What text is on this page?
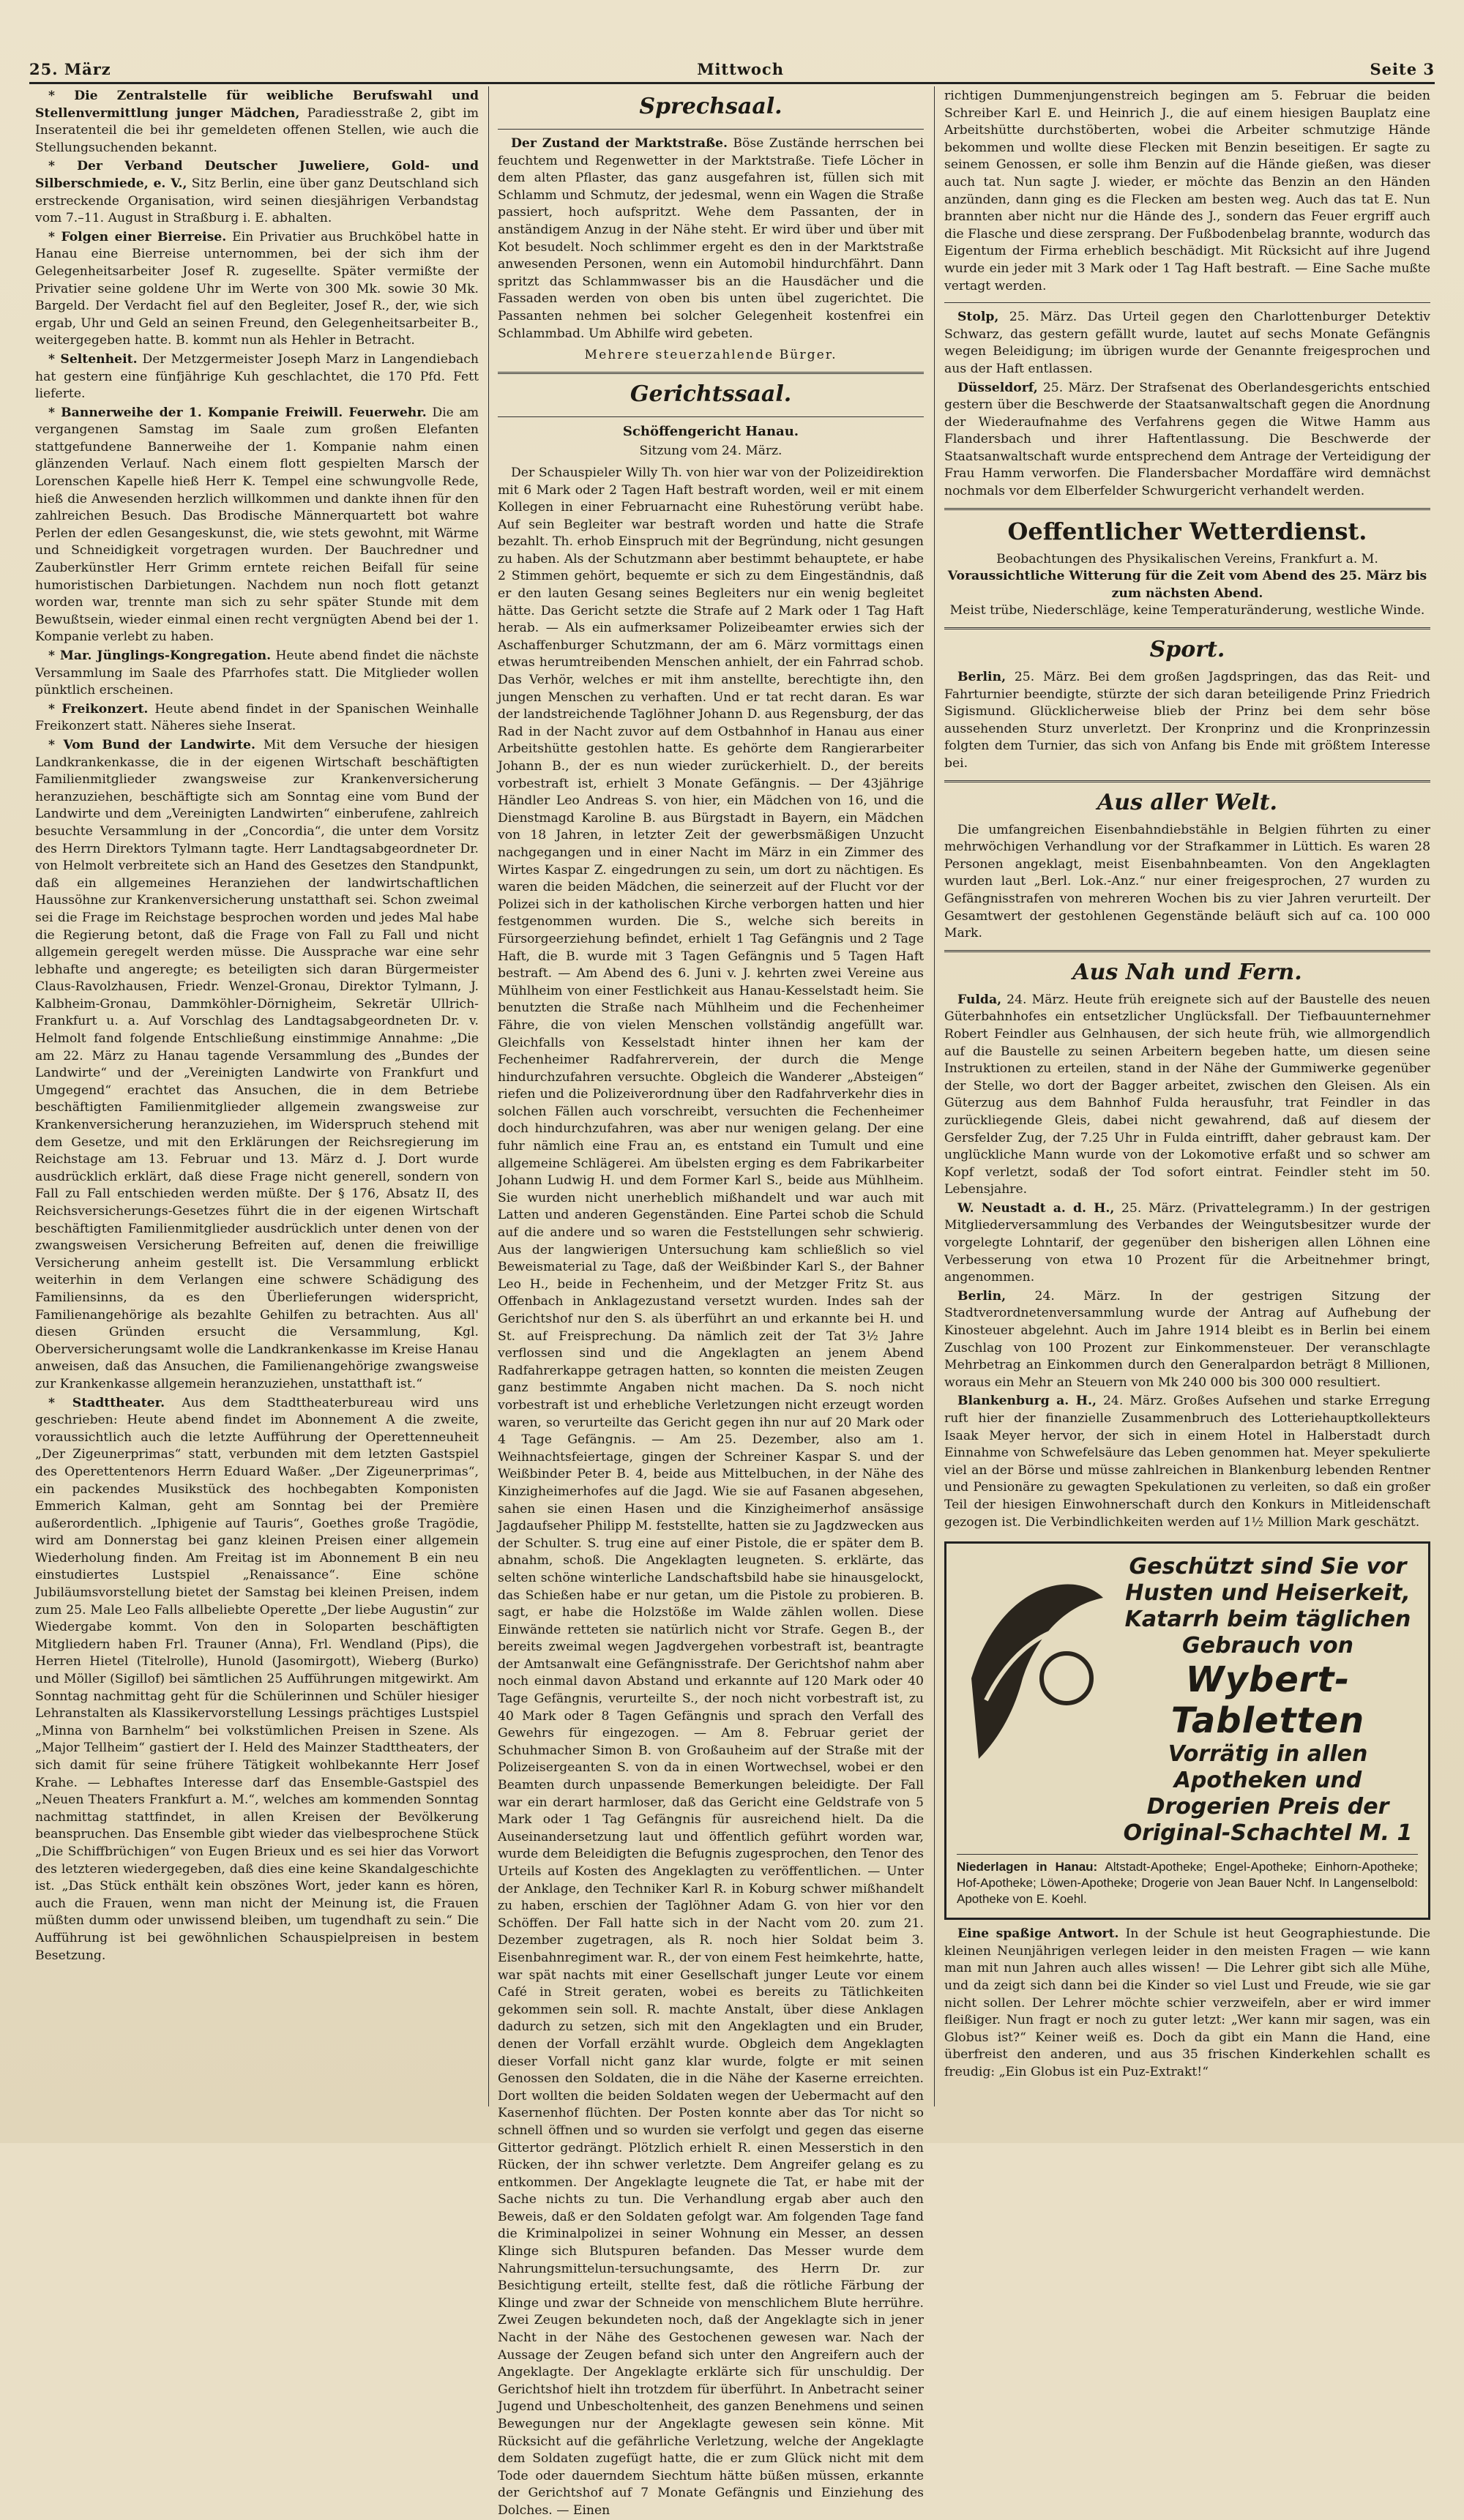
25. März	Mittwoch	Seite 3

* Die Zentralstelle für weibliche Berufswahl und Stellenvermittlung junger Mädchen, Paradiesstraße 2, gibt im Inseratenteil die bei ihr gemeldeten offenen Stellen, wie auch die Stellungsuchenden bekannt.

* Der Verband Deutscher Juweliere, Gold- und Silberschmiede, e. V., Sitz Berlin, eine über ganz Deutschland sich erstreckende Organisation, wird seinen diesjährigen Verbandstag vom 7.–11. August in Straßburg i. E. abhalten.

* Folgen einer Bierreise. Ein Privatier aus Bruchköbel hatte in Hanau eine Bierreise unternommen, bei der sich ihm der Gelegenheitsarbeiter Josef R. zugesellte. Später vermißte der Privatier seine goldene Uhr im Werte von 300 Mk. sowie 30 Mk. Bargeld. Der Verdacht fiel auf den Begleiter, Josef R., der, wie sich ergab, Uhr und Geld an seinen Freund, den Gelegenheitsarbeiter B., weitergegeben hatte. B. kommt nun als Hehler in Betracht.

* Seltenheit. Der Metzgermeister Joseph Marz in Langendiebach hat gestern eine fünfjährige Kuh geschlachtet, die 170 Pfd. Fett lieferte.

* Bannerweihe der 1. Kompanie Freiwill. Feuerwehr. Die am vergangenen Samstag im Saale zum großen Elefanten stattgefundene Bannerweihe der 1. Kompanie nahm einen glänzenden Verlauf. Nach einem flott gespielten Marsch der Lorenschen Kapelle hieß Herr K. Tempel eine schwungvolle Rede, hieß die Anwesenden herzlich willkommen und dankte ihnen für den zahlreichen Besuch. Das Brodische Männerquartett bot wahre Perlen der edlen Gesangeskunst, die, wie stets gewohnt, mit Wärme und Schneidigkeit vorgetragen wurden. Der Bauchredner und Zauberkünstler Herr Grimm erntete reichen Beifall für seine humoristischen Darbietungen. Nachdem nun noch flott getanzt worden war, trennte man sich zu sehr später Stunde mit dem Bewußtsein, wieder einmal einen recht vergnügten Abend bei der 1. Kompanie verlebt zu haben.

* Mar. Jünglings-Kongregation. Heute abend findet die nächste Versammlung im Saale des Pfarrhofes statt. Die Mitglieder wollen pünktlich erscheinen.

* Freikonzert. Heute abend findet in der Spanischen Weinhalle Freikonzert statt. Näheres siehe Inserat.

* Vom Bund der Landwirte. Mit dem Versuche der hiesigen Landkrankenkasse, die in der eigenen Wirtschaft beschäftigten Familienmitglieder zwangsweise zur Krankenversicherung heranzuziehen, beschäftigte sich am Sonntag eine vom Bund der Landwirte und dem „Vereinigten Landwirten“ einberufene, zahlreich besuchte Versammlung in der „Concordia“, die unter dem Vorsitz des Herrn Direktors Tylmann tagte. Herr Landtagsabgeordneter Dr. von Helmolt verbreitete sich an Hand des Gesetzes den Standpunkt, daß ein allgemeines Heranziehen der landwirtschaftlichen Haussöhne zur Krankenversicherung unstatthaft sei. Schon zweimal sei die Frage im Reichstage besprochen worden und jedes Mal habe die Regierung betont, daß die Frage von Fall zu Fall und nicht allgemein geregelt werden müsse. Die Aussprache war eine sehr lebhafte und angeregte; es beteiligten sich daran Bürgermeister Claus-Ravolzhausen, Friedr. Wenzel-Gronau, Direktor Tylmann, J. Kalbheim-Gronau, Dammköhler-Dörnigheim, Sekretär Ullrich-Frankfurt u. a. Auf Vorschlag des Landtagsabgeordneten Dr. v. Helmolt fand folgende Entschließung einstimmige Annahme: „Die am 22. März zu Hanau tagende Versammlung des „Bundes der Landwirte“ und der „Vereinigten Landwirte von Frankfurt und Umgegend“ erachtet das Ansuchen, die in dem Betriebe beschäftigten Familienmitglieder allgemein zwangsweise zur Krankenversicherung heranzuziehen, im Widerspruch stehend mit dem Gesetze, und mit den Erklärungen der Reichsregierung im Reichstage am 13. Februar und 13. März d. J. Dort wurde ausdrücklich erklärt, daß diese Frage nicht generell, sondern von Fall zu Fall entschieden werden müßte. Der § 176, Absatz II, des Reichsversicherungs-Gesetzes führt die in der eigenen Wirtschaft beschäftigten Familienmitglieder ausdrücklich unter denen von der zwangsweisen Versicherung Befreiten auf, denen die freiwillige Versicherung anheim gestellt ist. Die Versammlung erblickt weiterhin in dem Verlangen eine schwere Schädigung des Familiensinns, da es den Überlieferungen widerspricht, Familienangehörige als bezahlte Gehilfen zu betrachten. Aus all' diesen Gründen ersucht die Versammlung, Kgl. Oberversicherungsamt wolle die Landkrankenkasse im Kreise Hanau anweisen, daß das Ansuchen, die Familienangehörige zwangsweise zur Krankenkasse allgemein heranzuziehen, unstatthaft ist.“

* Stadttheater. Aus dem Stadttheaterbureau wird uns geschrieben: Heute abend findet im Abonnement A die zweite, voraussichtlich auch die letzte Aufführung der Operettenneuheit „Der Zigeunerprimas“ statt, verbunden mit dem letzten Gastspiel des Operettentenors Herrn Eduard Waßer. „Der Zigeunerprimas“, ein packendes Musikstück des hochbegabten Komponisten Emmerich Kalman, geht am Sonntag bei der Première außerordentlich. „Iphigenie auf Tauris“, Goethes große Tragödie, wird am Donnerstag bei ganz kleinen Preisen einer allgemein Wiederholung finden. Am Freitag ist im Abonnement B ein neu einstudiertes Lustspiel „Renaissance“. Eine schöne Jubiläumsvorstellung bietet der Samstag bei kleinen Preisen, indem zum 25. Male Leo Falls allbeliebte Operette „Der liebe Augustin“ zur Wiedergabe kommt. Von den in Soloparten beschäftigten Mitgliedern haben Frl. Trauner (Anna), Frl. Wendland (Pips), die Herren Hietel (Titelrolle), Hunold (Jasomirgott), Wieberg (Burko) und Möller (Sigillof) bei sämtlichen 25 Aufführungen mitgewirkt. Am Sonntag nachmittag geht für die Schülerinnen und Schüler hiesiger Lehranstalten als Klassikervorstellung Lessings prächtiges Lustspiel „Minna von Barnhelm“ bei volkstümlichen Preisen in Szene. Als „Major Tellheim“ gastiert der I. Held des Mainzer Stadttheaters, der sich damit für seine frühere Tätigkeit wohlbekannte Herr Josef Krahe. — Lebhaftes Interesse darf das Ensemble-Gastspiel des „Neuen Theaters Frankfurt a. M.“, welches am kommenden Sonntag nachmittag stattfindet, in allen Kreisen der Bevölkerung beanspruchen. Das Ensemble gibt wieder das vielbesprochene Stück „Die Schiffbrüchigen“ von Eugen Brieux und es sei hier das Vorwort des letzteren wiedergegeben, daß dies eine keine Skandalgeschichte ist. „Das Stück enthält kein obszönes Wort, jeder kann es hören, auch die Frauen, wenn man nicht der Meinung ist, die Frauen müßten dumm oder unwissend bleiben, um tugendhaft zu sein.“ Die Aufführung ist bei gewöhnlichen Schauspielpreisen in bestem Besetzung.

Sprechsaal.

Der Zustand der Marktstraße. Böse Zustände herrschen bei feuchtem und Regenwetter in der Marktstraße. Tiefe Löcher in dem alten Pflaster, das ganz ausgefahren ist, füllen sich mit Schlamm und Schmutz, der jedesmal, wenn ein Wagen die Straße passiert, hoch aufspritzt. Wehe dem Passanten, der in anständigem Anzug in der Nähe steht. Er wird über und über mit Kot besudelt. Noch schlimmer ergeht es den in der Marktstraße anwesenden Personen, wenn ein Automobil hindurchfährt. Dann spritzt das Schlammwasser bis an die Hausdächer und die Fassaden werden von oben bis unten übel zugerichtet. Die Passanten nehmen bei solcher Gelegenheit kostenfrei ein Schlammbad. Um Abhilfe wird gebeten.

Mehrere steuerzahlende Bürger.
Gerichtssaal.
Schöffengericht Hanau.
Sitzung vom 24. März.

Der Schauspieler Willy Th. von hier war von der Polizeidirektion mit 6 Mark oder 2 Tagen Haft bestraft worden, weil er mit einem Kollegen in einer Februarnacht eine Ruhestörung verübt habe. Auf sein Begleiter war bestraft worden und hatte die Strafe bezahlt. Th. erhob Einspruch mit der Begründung, nicht gesungen zu haben. Als der Schutzmann aber bestimmt behauptete, er habe 2 Stimmen gehört, bequemte er sich zu dem Eingeständnis, daß er den lauten Gesang seines Begleiters nur ein wenig begleitet hätte. Das Gericht setzte die Strafe auf 2 Mark oder 1 Tag Haft herab. — Als ein aufmerksamer Polizeibeamter erwies sich der Aschaffenburger Schutzmann, der am 6. März vormittags einen etwas herumtreibenden Menschen anhielt, der ein Fahrrad schob. Das Verhör, welches er mit ihm anstellte, berechtigte ihn, den jungen Menschen zu verhaften. Und er tat recht daran. Es war der landstreichende Taglöhner Johann D. aus Regensburg, der das Rad in der Nacht zuvor auf dem Ostbahnhof in Hanau aus einer Arbeitshütte gestohlen hatte. Es gehörte dem Rangierarbeiter Johann B., der es nun wieder zurückerhielt. D., der bereits vorbestraft ist, erhielt 3 Monate Gefängnis. — Der 43jährige Händler Leo Andreas S. von hier, ein Mädchen von 16, und die Dienstmagd Karoline B. aus Bürgstadt in Bayern, ein Mädchen von 18 Jahren, in letzter Zeit der gewerbsmäßigen Unzucht nachgegangen und in einer Nacht im März in ein Zimmer des Wirtes Kaspar Z. eingedrungen zu sein, um dort zu nächtigen. Es waren die beiden Mädchen, die seinerzeit auf der Flucht vor der Polizei sich in der katholischen Kirche verborgen hatten und hier festgenommen wurden. Die S., welche sich bereits in Fürsorgeerziehung befindet, erhielt 1 Tag Gefängnis und 2 Tage Haft, die B. wurde mit 3 Tagen Gefängnis und 5 Tagen Haft bestraft. — Am Abend des 6. Juni v. J. kehrten zwei Vereine aus Mühlheim von einer Festlichkeit aus Hanau-Kesselstadt heim. Sie benutzten die Straße nach Mühlheim und die Fechenheimer Fähre, die von vielen Menschen vollständig angefüllt war. Gleichfalls von Kesselstadt hinter ihnen her kam der Fechenheimer Radfahrerverein, der durch die Menge hindurchzufahren versuchte. Obgleich die Wanderer „Absteigen“ riefen und die Polizeiverordnung über den Radfahrverkehr dies in solchen Fällen auch vorschreibt, versuchten die Fechenheimer doch hindurchzufahren, was aber nur wenigen gelang. Der eine fuhr nämlich eine Frau an, es entstand ein Tumult und eine allgemeine Schlägerei. Am übelsten erging es dem Fabrikarbeiter Johann Ludwig H. und dem Former Karl S., beide aus Mühlheim. Sie wurden nicht unerheblich mißhandelt und war auch mit Latten und anderen Gegenständen. Eine Partei schob die Schuld auf die andere und so waren die Feststellungen sehr schwierig. Aus der langwierigen Untersuchung kam schließlich so viel Beweismaterial zu Tage, daß der Weißbinder Karl S., der Bahner Leo H., beide in Fechenheim, und der Metzger Fritz St. aus Offenbach in Anklagezustand versetzt wurden. Indes sah der Gerichtshof nur den S. als überführt an und erkannte bei H. und St. auf Freisprechung. Da nämlich zeit der Tat 3½ Jahre verflossen sind und die Angeklagten an jenem Abend Radfahrerkappe getragen hatten, so konnten die meisten Zeugen ganz bestimmte Angaben nicht machen. Da S. noch nicht vorbestraft ist und erhebliche Verletzungen nicht erzeugt worden waren, so verurteilte das Gericht gegen ihn nur auf 20 Mark oder 4 Tage Gefängnis. — Am 25. Dezember, also am 1. Weihnachtsfeiertage, gingen der Schreiner Kaspar S. und der Weißbinder Peter B. 4, beide aus Mittelbuchen, in der Nähe des Kinzigheimerhofes auf die Jagd. Wie sie auf Fasanen abgesehen, sahen sie einen Hasen und die Kinzigheimerhof ansässige Jagdaufseher Philipp M. feststellte, hatten sie zu Jagdzwecken aus der Schulter. S. trug eine auf einer Pistole, die er später dem B. abnahm, schoß. Die Angeklagten leugneten. S. erklärte, das selten schöne winterliche Landschaftsbild habe sie hinausgelockt, das Schießen habe er nur getan, um die Pistole zu probieren. B. sagt, er habe die Holzstöße im Walde zählen wollen. Diese Einwände retteten sie natürlich nicht vor Strafe. Gegen B., der bereits zweimal wegen Jagdvergehen vorbestraft ist, beantragte der Amtsanwalt eine Gefängnisstrafe. Der Gerichtshof nahm aber noch einmal davon Abstand und erkannte auf 120 Mark oder 40 Tage Gefängnis, verurteilte S., der noch nicht vorbestraft ist, zu 40 Mark oder 8 Tagen Gefängnis und sprach den Verfall des Gewehrs für eingezogen. — Am 8. Februar geriet der Schuhmacher Simon B. von Großauheim auf der Straße mit der Polizeisergeanten S. von da in einen Wortwechsel, wobei er den Beamten durch unpassende Bemerkungen beleidigte. Der Fall war ein derart harmloser, daß das Gericht eine Geldstrafe von 5 Mark oder 1 Tag Gefängnis für ausreichend hielt. Da die Auseinandersetzung laut und öffentlich geführt worden war, wurde dem Beleidigten die Befugnis zugesprochen, den Tenor des Urteils auf Kosten des Angeklagten zu veröffentlichen. — Unter der Anklage, den Techniker Karl R. in Koburg schwer mißhandelt zu haben, erschien der Taglöhner Adam G. von hier vor den Schöffen. Der Fall hatte sich in der Nacht vom 20. zum 21. Dezember zugetragen, als R. noch hier Soldat beim 3. Eisenbahnregiment war. R., der von einem Fest heimkehrte, hatte, war spät nachts mit einer Gesellschaft junger Leute vor einem Café in Streit geraten, wobei es bereits zu Tätlichkeiten gekommen sein soll. R. machte Anstalt, über diese Anklagen dadurch zu setzen, sich mit den Angeklagten und ein Bruder, denen der Vorfall erzählt wurde. Obgleich dem Angeklagten dieser Vorfall nicht ganz klar wurde, folgte er mit seinen Genossen den Soldaten, die in die Nähe der Kaserne erreichten. Dort wollten die beiden Soldaten wegen der Uebermacht auf den Kasernenhof flüchten. Der Posten konnte aber das Tor nicht so schnell öffnen und so wurden sie verfolgt und gegen das eiserne Gittertor gedrängt. Plötzlich erhielt R. einen Messerstich in den Rücken, der ihn schwer verletzte. Dem Angreifer gelang es zu entkommen. Der Angeklagte leugnete die Tat, er habe mit der Sache nichts zu tun. Die Verhandlung ergab aber auch den Beweis, daß er den Soldaten gefolgt war. Am folgenden Tage fand die Kriminalpolizei in seiner Wohnung ein Messer, an dessen Klinge sich Blutspuren befanden. Das Messer wurde dem Nahrungsmittelun-tersuchungsamte, des Herrn Dr. zur Besichtigung erteilt, stellte fest, daß die rötliche Färbung der Klinge und zwar der Schneide von menschlichem Blute herrühre. Zwei Zeugen bekundeten noch, daß der Angeklagte sich in jener Nacht in der Nähe des Gestochenen gewesen war. Nach der Aussage der Zeugen befand sich unter den Angreifern auch der Angeklagte. Der Angeklagte erklärte sich für unschuldig. Der Gerichtshof hielt ihn trotzdem für überführt. In Anbetracht seiner Jugend und Unbescholtenheit, des ganzen Benehmens und seinen Bewegungen nur der Angeklagte gewesen sein könne. Mit Rücksicht auf die gefährliche Verletzung, welche der Angeklagte dem Soldaten zugefügt hatte, die er zum Glück nicht mit dem Tode oder dauerndem Siechtum hätte büßen müssen, erkannte der Gerichtshof auf 7 Monate Gefängnis und Einziehung des Dolches. — Einen

richtigen Dummenjungenstreich begingen am 5. Februar die beiden Schreiber Karl E. und Heinrich J., die auf einem hiesigen Bauplatz eine Arbeitshütte durchstöberten, wobei die Arbeiter schmutzige Hände bekommen und wollte diese Flecken mit Benzin beseitigen. Er sagte zu seinem Genossen, er solle ihm Benzin auf die Hände gießen, was dieser auch tat. Nun sagte J. wieder, er möchte das Benzin an den Händen anzünden, dann ging es die Flecken am besten weg. Auch das tat E. Nun brannten aber nicht nur die Hände des J., sondern das Feuer ergriff auch die Flasche und diese zersprang. Der Fußbodenbelag brannte, wodurch das Eigentum der Firma erheblich beschädigt. Mit Rücksicht auf ihre Jugend wurde ein jeder mit 3 Mark oder 1 Tag Haft bestraft. — Eine Sache mußte vertagt werden.

Stolp, 25. März. Das Urteil gegen den Charlottenburger Detektiv Schwarz, das gestern gefällt wurde, lautet auf sechs Monate Gefängnis wegen Beleidigung; im übrigen wurde der Genannte freigesprochen und aus der Haft entlassen.

Düsseldorf, 25. März. Der Strafsenat des Oberlandesgerichts entschied gestern über die Beschwerde der Staatsanwaltschaft gegen die Anordnung der Wiederaufnahme des Verfahrens gegen die Witwe Hamm aus Flandersbach und ihrer Haftentlassung. Die Beschwerde der Staatsanwaltschaft wurde entsprechend dem Antrage der Verteidigung der Frau Hamm verworfen. Die Flandersbacher Mordaffäre wird demnächst nochmals vor dem Elberfelder Schwurgericht verhandelt werden.

Oeffentlicher Wetterdienst.
Beobachtungen des Physikalischen Vereins, Frankfurt a. M.
Voraussichtliche Witterung für die Zeit vom Abend des 25. März bis zum nächsten Abend.
Meist trübe, Niederschläge, keine Temperaturänderung, westliche Winde.
Sport.

Berlin, 25. März. Bei dem großen Jagdspringen, das das Reit- und Fahrturnier beendigte, stürzte der sich daran beteiligende Prinz Friedrich Sigismund. Glücklicherweise blieb der Prinz bei dem sehr böse aussehenden Sturz unverletzt. Der Kronprinz und die Kronprinzessin folgten dem Turnier, das sich von Anfang bis Ende mit größtem Interesse bei.

Aus aller Welt.

Die umfangreichen Eisenbahndiebstähle in Belgien führten zu einer mehrwöchigen Verhandlung vor der Strafkammer in Lüttich. Es waren 28 Personen angeklagt, meist Eisenbahnbeamten. Von den Angeklagten wurden laut „Berl. Lok.-Anz.“ nur einer freigesprochen, 27 wurden zu Gefängnisstrafen von mehreren Wochen bis zu vier Jahren verurteilt. Der Gesamtwert der gestohlenen Gegenstände beläuft sich auf ca. 100 000 Mark.

Aus Nah und Fern.

Fulda, 24. März. Heute früh ereignete sich auf der Baustelle des neuen Güterbahnhofes ein entsetzlicher Unglücksfall. Der Tiefbauunternehmer Robert Feindler aus Gelnhausen, der sich heute früh, wie allmorgendlich auf die Baustelle zu seinen Arbeitern begeben hatte, um diesen seine Instruktionen zu erteilen, stand in der Nähe der Gummiwerke gegenüber der Stelle, wo dort der Bagger arbeitet, zwischen den Gleisen. Als ein Güterzug aus dem Bahnhof Fulda herausfuhr, trat Feindler in das zurückliegende Gleis, dabei nicht gewahrend, daß auf diesem der Gersfelder Zug, der 7.25 Uhr in Fulda eintrifft, daher gebraust kam. Der unglückliche Mann wurde von der Lokomotive erfaßt und so schwer am Kopf verletzt, sodaß der Tod sofort eintrat. Feindler steht im 50. Lebensjahre.

W. Neustadt a. d. H., 25. März. (Privattelegramm.) In der gestrigen Mitgliederversammlung des Verbandes der Weingutsbesitzer wurde der vorgelegte Lohntarif, der gegenüber den bisherigen allen Löhnen eine Verbesserung von etwa 10 Prozent für die Arbeitnehmer bringt, angenommen.

Berlin, 24. März. In der gestrigen Sitzung der Stadtverordnetenversammlung wurde der Antrag auf Aufhebung der Kinosteuer abgelehnt. Auch im Jahre 1914 bleibt es in Berlin bei einem Zuschlag von 100 Prozent zur Einkommensteuer. Der veranschlagte Mehrbetrag an Einkommen durch den Generalpardon beträgt 8 Millionen, woraus ein Mehr an Steuern von Mk 240 000 bis 300 000 resultiert.

Blankenburg a. H., 24. März. Großes Aufsehen und starke Erregung ruft hier der finanzielle Zusammenbruch des Lotteriehauptkollekteurs Isaak Meyer hervor, der sich in einem Hotel in Halberstadt durch Einnahme von Schwefelsäure das Leben genommen hat. Meyer spekulierte viel an der Börse und müsse zahlreichen in Blankenburg lebenden Rentner und Pensionäre zu gewagten Spekulationen zu verleiten, so daß ein großer Teil der hiesigen Einwohnerschaft durch den Konkurs in Mitleidenschaft gezogen ist. Die Verbindlichkeiten werden auf 1½ Million Mark geschätzt.

Geschützt sind Sie vor Husten und Heiserkeit, Katarrh beim täglichen Gebrauch von
Wybert-Tabletten
Vorrätig in allen Apotheken und Drogerien Preis der Original-Schachtel M. 1
Niederlagen in Hanau: Altstadt-Apotheke; Engel-Apotheke; Einhorn-Apotheke; Hof-Apotheke; Löwen-Apotheke; Drogerie von Jean Bauer Nchf. In Langenselbold: Apotheke von E. Koehl.

Eine spaßige Antwort. In der Schule ist heut Geographiestunde. Die kleinen Neunjährigen verlegen leider in den meisten Fragen — wie kann man mit nun Jahren auch alles wissen! — Die Lehrer gibt sich alle Mühe, und da zeigt sich dann bei die Kinder so viel Lust und Freude, wie sie gar nicht sollen. Der Lehrer möchte schier verzweifeln, aber er wird immer fleißiger. Nun fragt er noch zu guter letzt: „Wer kann mir sagen, was ein Globus ist?“ Keiner weiß es. Doch da gibt ein Mann die Hand, eine überfreist den anderen, und aus 35 frischen Kinderkehlen schallt es freudig: „Ein Globus ist ein Puz-Extrakt!“
